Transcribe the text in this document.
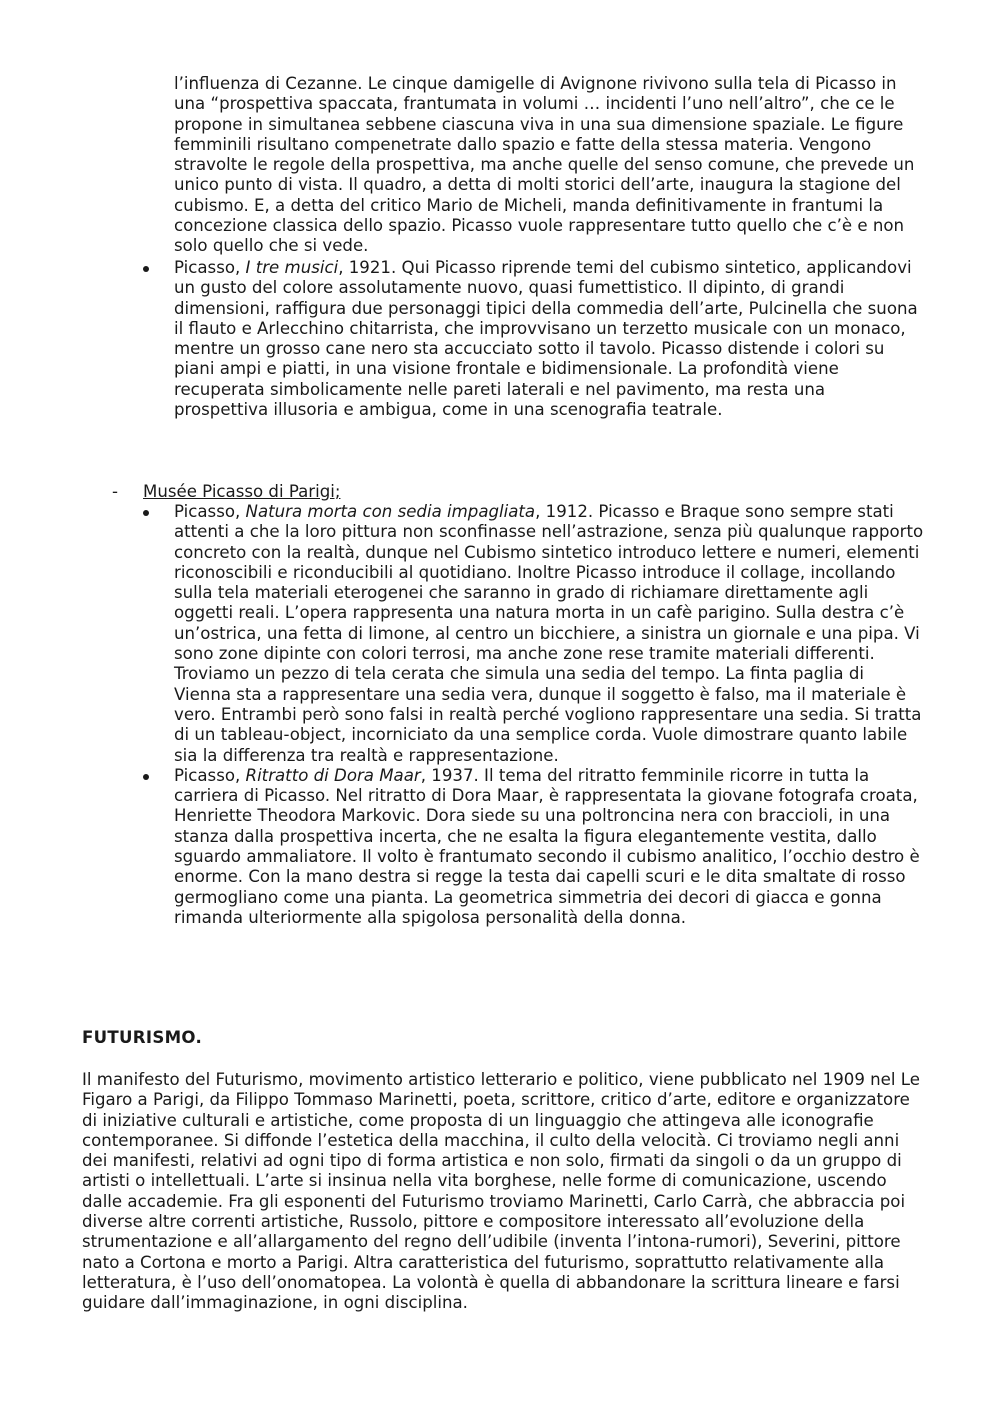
l’influenza di Cezanne. Le cinque damigelle di Avignone rivivono sulla tela di Picasso in una “prospettiva spaccata, frantumata in volumi … incidenti l’uno nell’altro”, che ce le propone in simultanea sebbene ciascuna viva in una sua dimensione spaziale. Le figure femminili risultano compenetrate dallo spazio e fatte della stessa materia. Vengono stravolte le regole della prospettiva, ma anche quelle del senso comune, che prevede un unico punto di vista. Il quadro, a detta di molti storici dell’arte, inaugura la stagione del cubismo. E, a detta del critico Mario de Micheli, manda definitivamente in frantumi la concezione classica dello spazio. Picasso vuole rappresentare tutto quello che c’è e non solo quello che si vede.

Picasso, I tre musici, 1921. Qui Picasso riprende temi del cubismo sintetico, applicandovi un gusto del colore assolutamente nuovo, quasi fumettistico. Il dipinto, di grandi dimensioni, raffigura due personaggi tipici della commedia dell’arte, Pulcinella che suona il flauto e Arlecchino chitarrista, che improvvisano un terzetto musicale con un monaco, mentre un grosso cane nero sta accucciato sotto il tavolo. Picasso distende i colori su piani ampi e piatti, in una visione frontale e bidimensionale. La profondità viene recuperata simbolicamente nelle pareti laterali e nel pavimento, ma resta una prospettiva illusoria e ambigua, come in una scenografia teatrale.
- Musée Picasso di Parigi;
Picasso, Natura morta con sedia impagliata, 1912. Picasso e Braque sono sempre stati attenti a che la loro pittura non sconfinasse nell’astrazione, senza più qualunque rapporto concreto con la realtà, dunque nel Cubismo sintetico introduco lettere e numeri, elementi riconoscibili e riconducibili al quotidiano. Inoltre Picasso introduce il collage, incollando sulla tela materiali eterogenei che saranno in grado di richiamare direttamente agli oggetti reali. L’opera rappresenta una natura morta in un cafè parigino. Sulla destra c’è un’ostrica, una fetta di limone, al centro un bicchiere, a sinistra un giornale e una pipa. Vi sono zone dipinte con colori terrosi, ma anche zone rese tramite materiali differenti. Troviamo un pezzo di tela cerata che simula una sedia del tempo. La finta paglia di Vienna sta a rappresentare una sedia vera, dunque il soggetto è falso, ma il materiale è vero. Entrambi però sono falsi in realtà perché vogliono rappresentare una sedia. Si tratta di un tableau-object, incorniciato da una semplice corda. Vuole dimostrare quanto labile sia la differenza tra realtà e rappresentazione.
Picasso, Ritratto di Dora Maar, 1937. Il tema del ritratto femminile ricorre in tutta la carriera di Picasso. Nel ritratto di Dora Maar, è rappresentata la giovane fotografa croata, Henriette Theodora Markovic. Dora siede su una poltroncina nera con braccioli, in una stanza dalla prospettiva incerta, che ne esalta la figura elegantemente vestita, dallo sguardo ammaliatore. Il volto è frantumato secondo il cubismo analitico, l’occhio destro è enorme. Con la mano destra si regge la testa dai capelli scuri e le dita smaltate di rosso germogliano come una pianta. La geometrica simmetria dei decori di giacca e gonna rimanda ulteriormente alla spigolosa personalità della donna.
FUTURISMO.

Il manifesto del Futurismo, movimento artistico letterario e politico, viene pubblicato nel 1909 nel Le Figaro a Parigi, da Filippo Tommaso Marinetti, poeta, scrittore, critico d’arte, editore e organizzatore di iniziative culturali e artistiche, come proposta di un linguaggio che attingeva alle iconografie contemporanee. Si diffonde l’estetica della macchina, il culto della velocità. Ci troviamo negli anni dei manifesti, relativi ad ogni tipo di forma artistica e non solo, firmati da singoli o da un gruppo di artisti o intellettuali. L’arte si insinua nella vita borghese, nelle forme di comunicazione, uscendo dalle accademie. Fra gli esponenti del Futurismo troviamo Marinetti, Carlo Carrà, che abbraccia poi diverse altre correnti artistiche, Russolo, pittore e compositore interessato all’evoluzione della strumentazione e all’allargamento del regno dell’udibile (inventa l’intona-rumori), Severini, pittore nato a Cortona e morto a Parigi. Altra caratteristica del futurismo, soprattutto relativamente alla letteratura, è l’uso dell’onomatopea. La volontà è quella di abbandonare la scrittura lineare e farsi guidare dall’immaginazione, in ogni disciplina.
